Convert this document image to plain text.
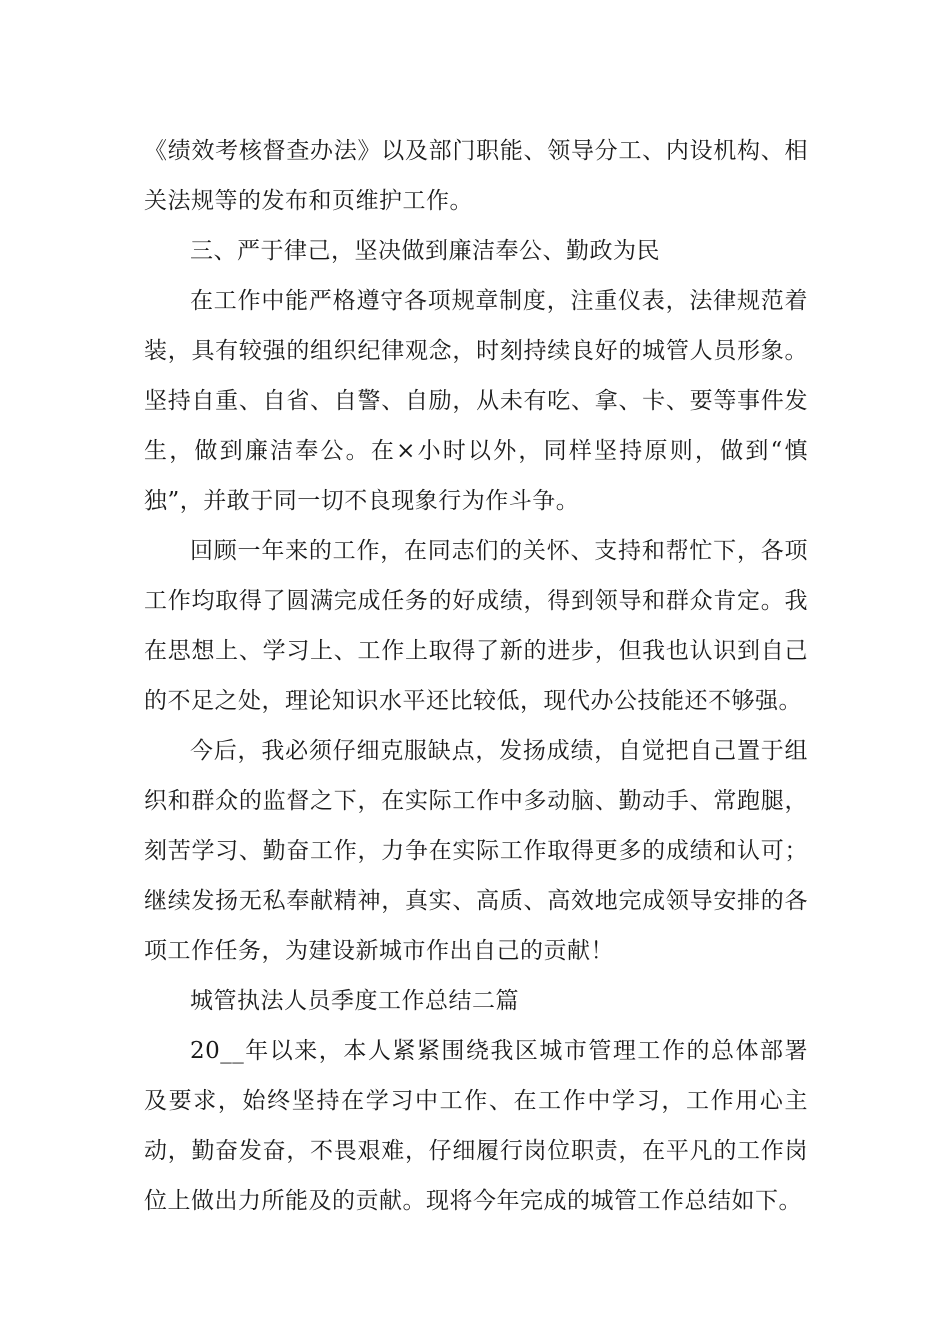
《绩效考核督查办法》以及部门职能、领导分工、内设机构、相关法规等的发布和页维护工作。

三、严于律己，坚决做到廉洁奉公、勤政为民

在工作中能严格遵守各项规章制度，注重仪表，法律规范着装，具有较强的组织纪律观念，时刻持续良好的城管人员形象。坚持自重、自省、自警、自励，从未有吃、拿、卡、要等事件发生，做到廉洁奉公。在×小时以外，同样坚持原则，做到“慎独”，并敢于同一切不良现象行为作斗争。

回顾一年来的工作，在同志们的关怀、支持和帮忙下，各项工作均取得了圆满完成任务的好成绩，得到领导和群众肯定。我在思想上、学习上、工作上取得了新的进步，但我也认识到自己的不足之处，理论知识水平还比较低，现代办公技能还不够强。

今后，我必须仔细克服缺点，发扬成绩，自觉把自己置于组织和群众的监督之下，在实际工作中多动脑、勤动手、常跑腿，刻苦学习、勤奋工作，力争在实际工作取得更多的成绩和认可；继续发扬无私奉献精神，真实、高质、高效地完成领导安排的各项工作任务，为建设新城市作出自己的贡献！

城管执法人员季度工作总结二篇

20__年以来，本人紧紧围绕我区城市管理工作的总体部署及要求，始终坚持在学习中工作、在工作中学习，工作用心主动，勤奋发奋，不畏艰难，仔细履行岗位职责，在平凡的工作岗位上做出力所能及的贡献。现将今年完成的城管工作总结如下。
